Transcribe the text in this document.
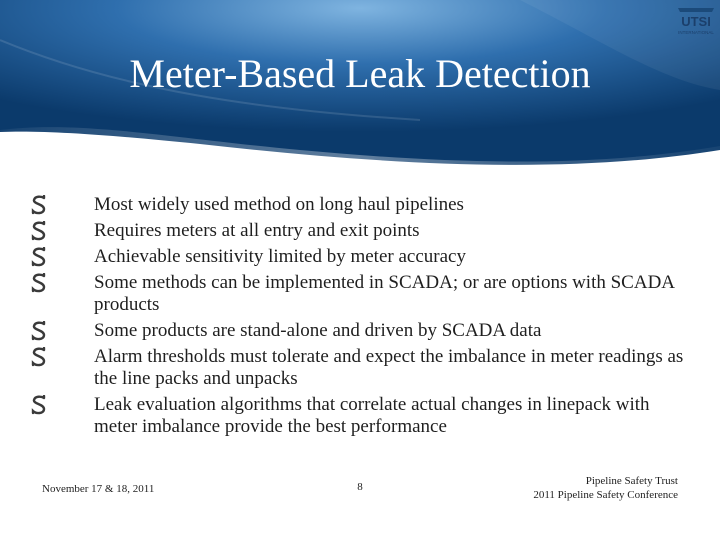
UTSI
INTERNATIONAL
Meter-Based Leak Detection
Most widely used method on long haul pipelines
Requires meters at all entry and exit points
Achievable sensitivity limited by meter accuracy
Some methods can be implemented in SCADA; or are options with SCADA products
Some products are stand-alone and driven by SCADA data
Alarm thresholds must tolerate and expect the imbalance in meter readings as the line packs and unpacks
Leak evaluation algorithms that correlate actual changes in linepack with meter imbalance provide the best performance
November 17 & 18, 2011	8	Pipeline Safety Trust
2011 Pipeline Safety Conference
